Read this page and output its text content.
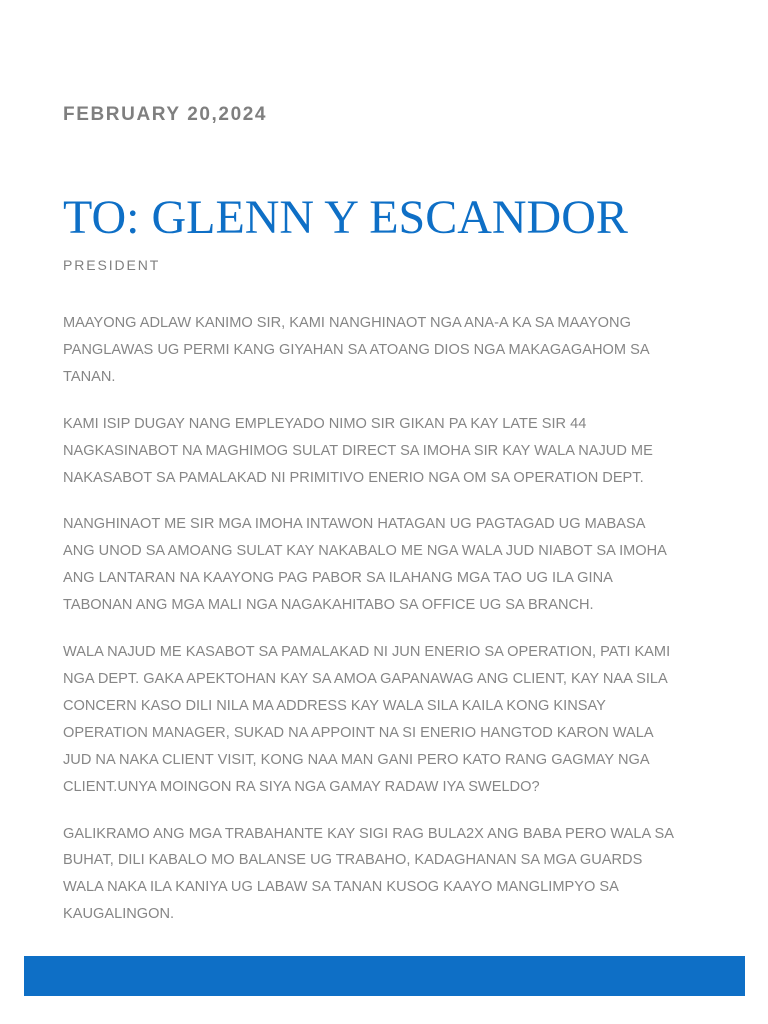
FEBRUARY 20,2024
TO: GLENN Y ESCANDOR
PRESIDENT

MAAYONG ADLAW KANIMO SIR, KAMI NANGHINAOT NGA ANA-A KA SA MAAYONG
PANGLAWAS UG PERMI KANG GIYAHAN SA ATOANG DIOS NGA MAKAGAGAHOM SA
TANAN.

KAMI ISIP DUGAY NANG EMPLEYADO NIMO SIR GIKAN PA KAY LATE SIR 44
NAGKASINABOT NA MAGHIMOG SULAT DIRECT SA IMOHA SIR KAY WALA NAJUD ME
NAKASABOT SA PAMALAKAD NI PRIMITIVO ENERIO NGA OM SA OPERATION DEPT.

NANGHINAOT ME SIR MGA IMOHA INTAWON HATAGAN UG PAGTAGAD UG MABASA
ANG UNOD SA AMOANG SULAT KAY NAKABALO ME NGA WALA JUD NIABOT SA IMOHA
ANG LANTARAN NA KAAYONG PAG PABOR SA ILAHANG MGA TAO UG ILA GINA
TABONAN ANG MGA MALI NGA NAGAKAHITABO SA OFFICE UG SA BRANCH.

WALA NAJUD ME KASABOT SA PAMALAKAD NI JUN ENERIO SA OPERATION, PATI KAMI
NGA DEPT. GAKA APEKTOHAN KAY SA AMOA GAPANAWAG ANG CLIENT, KAY NAA SILA
CONCERN KASO DILI NILA MA ADDRESS KAY WALA SILA KAILA KONG KINSAY
OPERATION MANAGER, SUKAD NA APPOINT NA SI ENERIO HANGTOD KARON WALA
JUD NA NAKA CLIENT VISIT, KONG NAA MAN GANI PERO KATO RANG GAGMAY NGA
CLIENT.UNYA MOINGON RA SIYA NGA GAMAY RADAW IYA SWELDO?

GALIKRAMO ANG MGA TRABAHANTE KAY SIGI RAG BULA2X ANG BABA PERO WALA SA
BUHAT, DILI KABALO MO BALANSE UG TRABAHO, KADAGHANAN SA MGA GUARDS
WALA NAKA ILA KANIYA UG LABAW SA TANAN KUSOG KAAYO MANGLIMPYO SA
KAUGALINGON.
